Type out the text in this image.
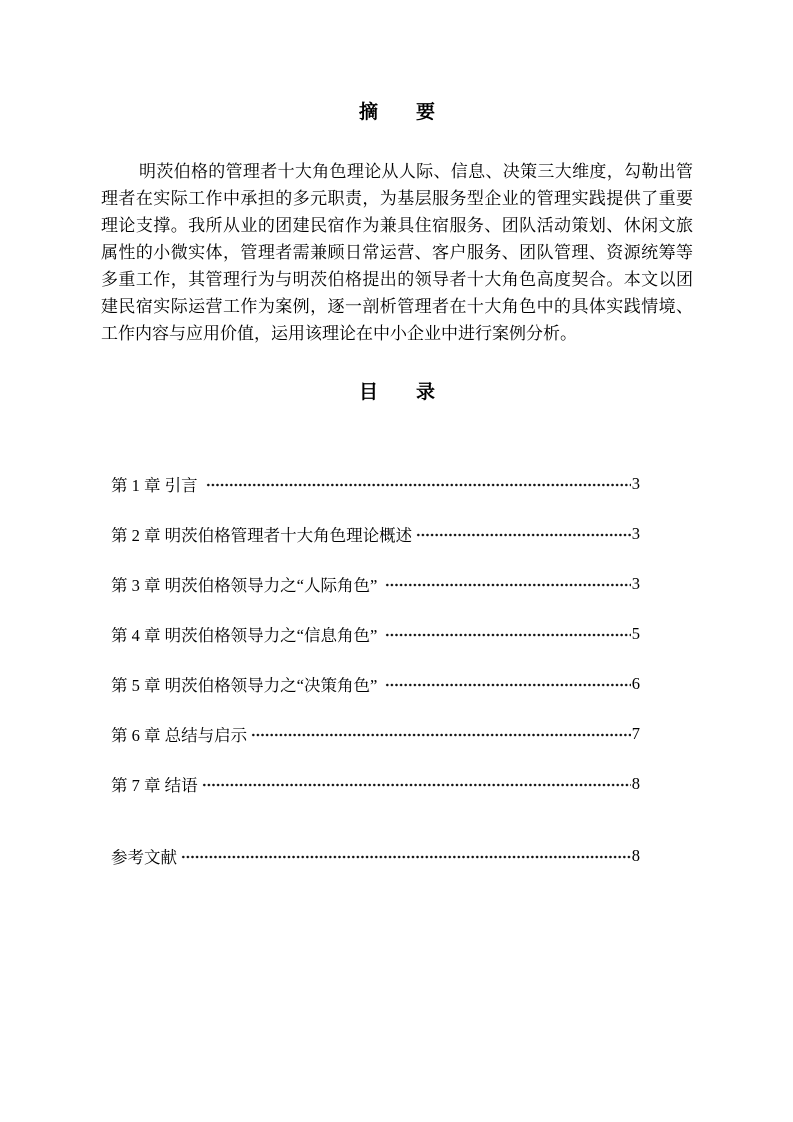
摘　　要

明茨伯格的管理者十大角色理论从人际、信息、决策三大维度，勾勒出管理者在实际工作中承担的多元职责，为基层服务型企业的管理实践提供了重要理论支撑。我所从业的团建民宿作为兼具住宿服务、团队活动策划、休闲文旅属性的小微实体，管理者需兼顾日常运营、客户服务、团队管理、资源统筹等多重工作，其管理行为与明茨伯格提出的领导者十大角色高度契合。本文以团建民宿实际运营工作为案例，逐一剖析管理者在十大角色中的具体实践情境、工作内容与应用价值，运用该理论在中小企业中进行案例分析。

目　　录
第 1 章 引言	3
第 2 章 明茨伯格管理者十大角色理论概述	3
第 3 章 明茨伯格领导力之“人际角色”	3
第 4 章 明茨伯格领导力之“信息角色”	5
第 5 章 明茨伯格领导力之“决策角色”	6
第 6 章 总结与启示	7
第 7 章 结语	8
参考文献	8
